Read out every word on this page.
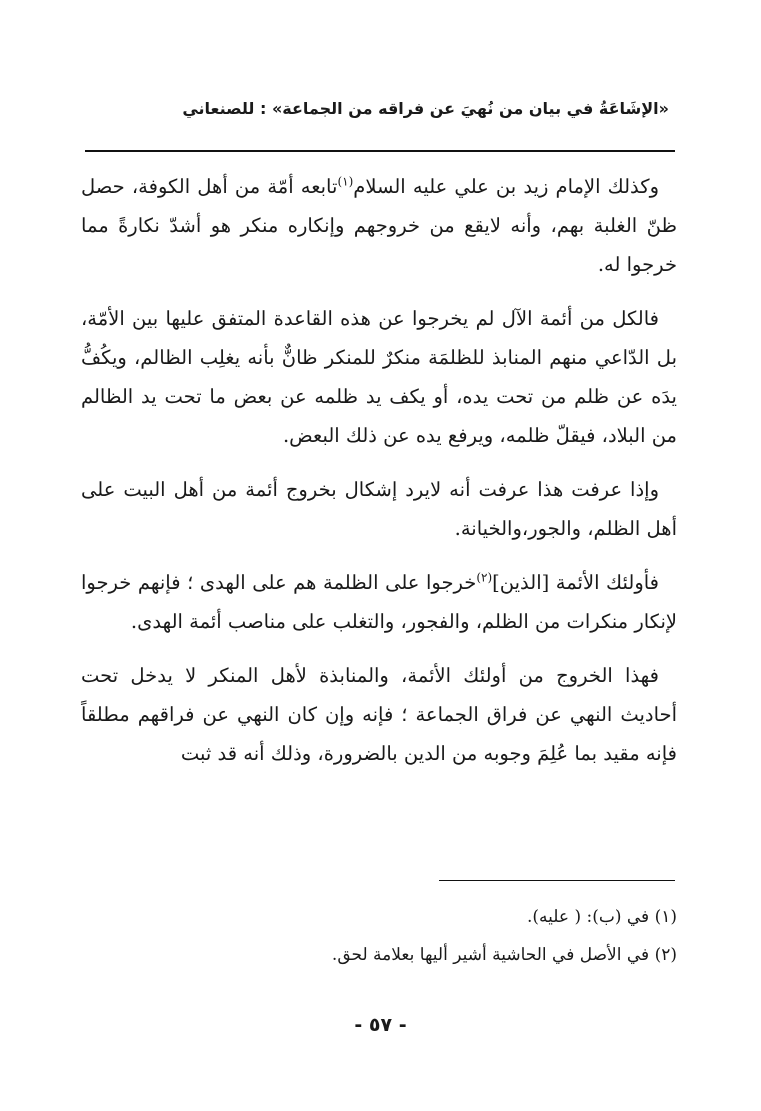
«الإشَاعَةُ في بيان من نُهيَ عن فراقه من الجماعة» : للصنعاني

وكذلك الإمام زيد بن علي عليه السلام$^{(١)}$تابعه أمّة من أهل الكوفة، حصل ظنّ الغلبة بهم، وأنه لايقع من خروجهم وإنكاره منكر هو أشدّ نكارةً مما خرجوا له.

فالكل من أئمة الآل لم يخرجوا عن هذه القاعدة المتفق عليها بين الأمّة، بل الدّاعي منهم المنابذ للظلمَة منكرٌ للمنكر ظانٌّ بأنه يغلِب الظالم، ويكُفُّ يدَه عن ظلم من تحت يده، أو يكف يد ظلمه عن بعض ما تحت يد الظالم من البلاد، فيقلّ ظلمه، ويرفع يده عن ذلك البعض.

وإذا عرفت هذا عرفت أنه لايرد إشكال بخروج أئمة من أهل البيت على أهل الظلم، والجور،والخيانة.

فأولئك الأئمة [الذين]$^{(٢)}$خرجوا على الظلمة هم على الهدى ؛ فإنهم خرجوا لإنكار منكرات من الظلم، والفجور، والتغلب على مناصب أئمة الهدى.

فهذا الخروج من أولئك الأئمة، والمنابذة لأهل المنكر لا يدخل تحت أحاديث النهي عن فراق الجماعة ؛ فإنه وإن كان النهي عن فراقهم مطلقاً فإنه مقيد بما عُلِمَ وجوبه من الدين بالضرورة، وذلك أنه قد ثبت

(١) في (ب): ( عليه).
(٢) في الأصل في الحاشية أشير أليها بعلامة لحق.
- ٥٧ -
